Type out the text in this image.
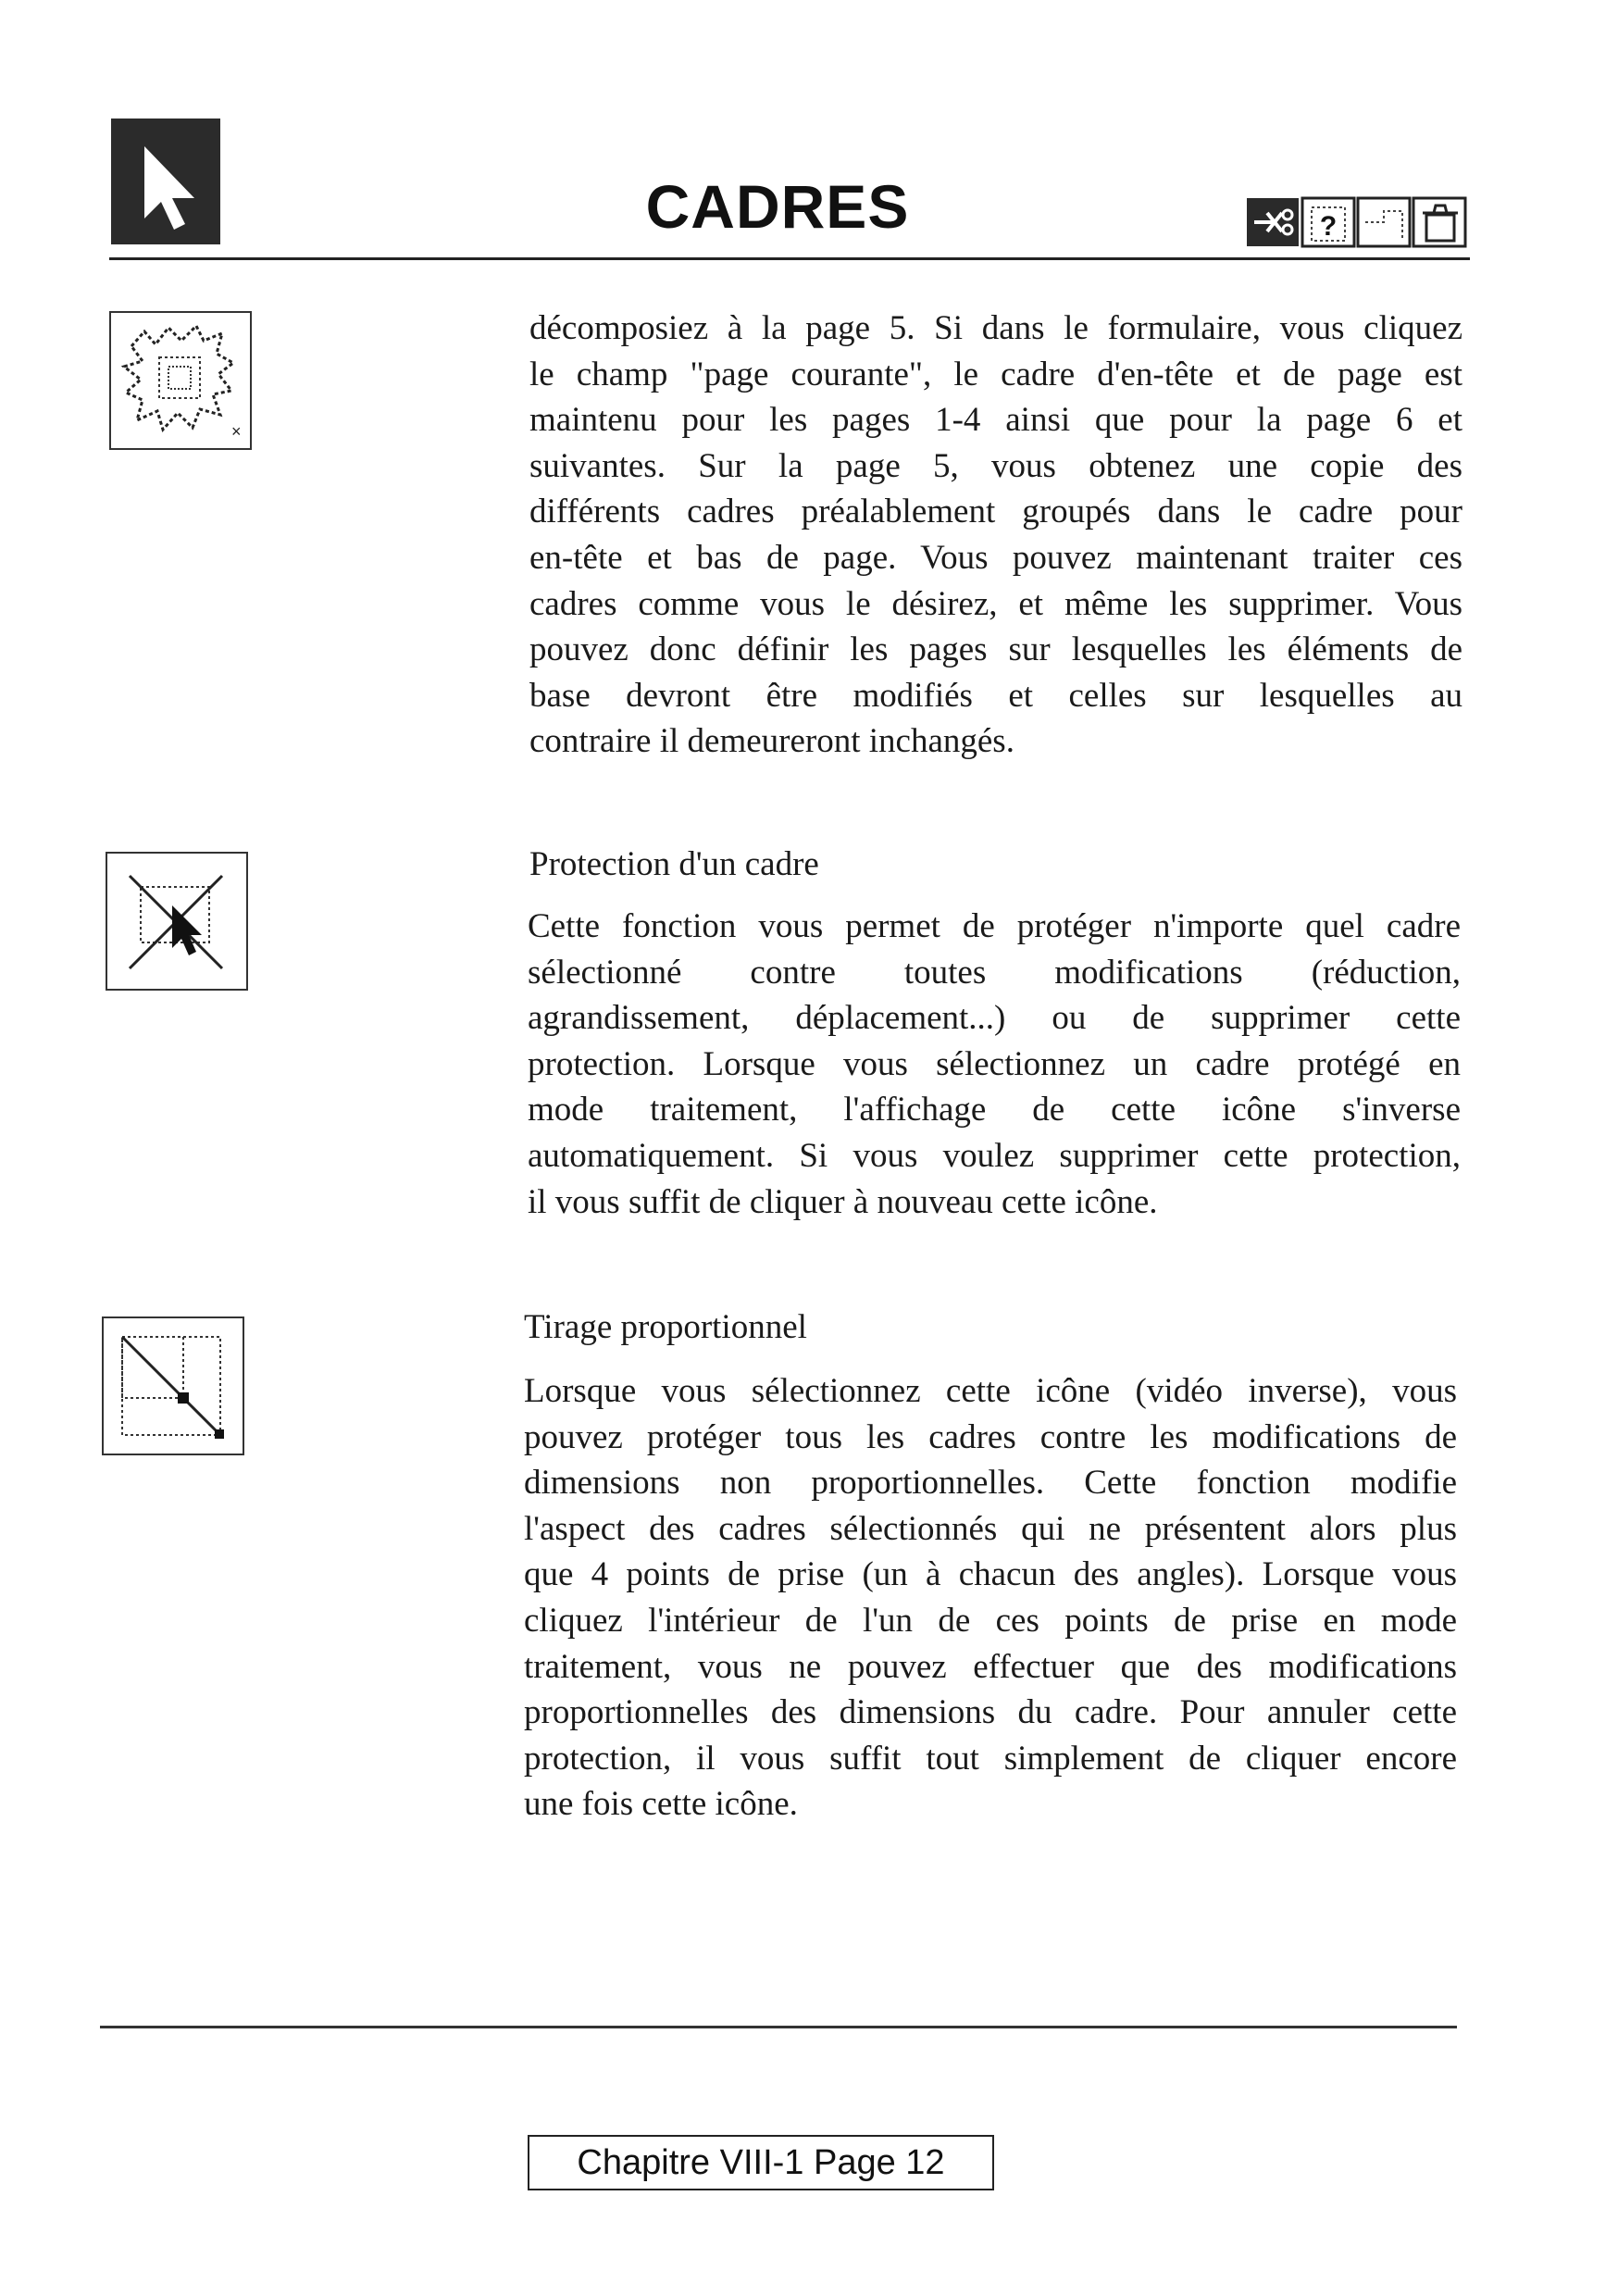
CADRES	?
×
décomposiez à la page 5. Si dans le formulaire, vous cliquez
le champ "page courante", le cadre d'en-tête et de page est
maintenu pour les pages 1-4 ainsi que pour la page 6 et
suivantes. Sur la page 5, vous obtenez une copie des
différents cadres préalablement groupés dans le cadre pour
en-tête et bas de page. Vous pouvez maintenant traiter ces
cadres comme vous le désirez, et même les supprimer. Vous
pouvez donc définir les pages sur lesquelles les éléments de
base devront être modifiés et celles sur lesquelles au
contraire il demeureront inchangés.
Protection d'un cadre
Cette fonction vous permet de protéger n'importe quel cadre
sélectionné contre toutes modifications (réduction,
agrandissement, déplacement...) ou de supprimer cette
protection. Lorsque vous sélectionnez un cadre protégé en
mode traitement, l'affichage de cette icône s'inverse
automatiquement. Si vous voulez supprimer cette protection,
il vous suffit de cliquer à nouveau cette icône.
Tirage proportionnel
Lorsque vous sélectionnez cette icône (vidéo inverse), vous
pouvez protéger tous les cadres contre les modifications de
dimensions non proportionnelles. Cette fonction modifie
l'aspect des cadres sélectionnés qui ne présentent alors plus
que 4 points de prise (un à chacun des angles). Lorsque vous
cliquez l'intérieur de l'un de ces points de prise en mode
traitement, vous ne pouvez effectuer que des modifications
proportionnelles des dimensions du cadre. Pour annuler cette
protection, il vous suffit tout simplement de cliquer encore
une fois cette icône.
Chapitre VIII-1 Page 12
